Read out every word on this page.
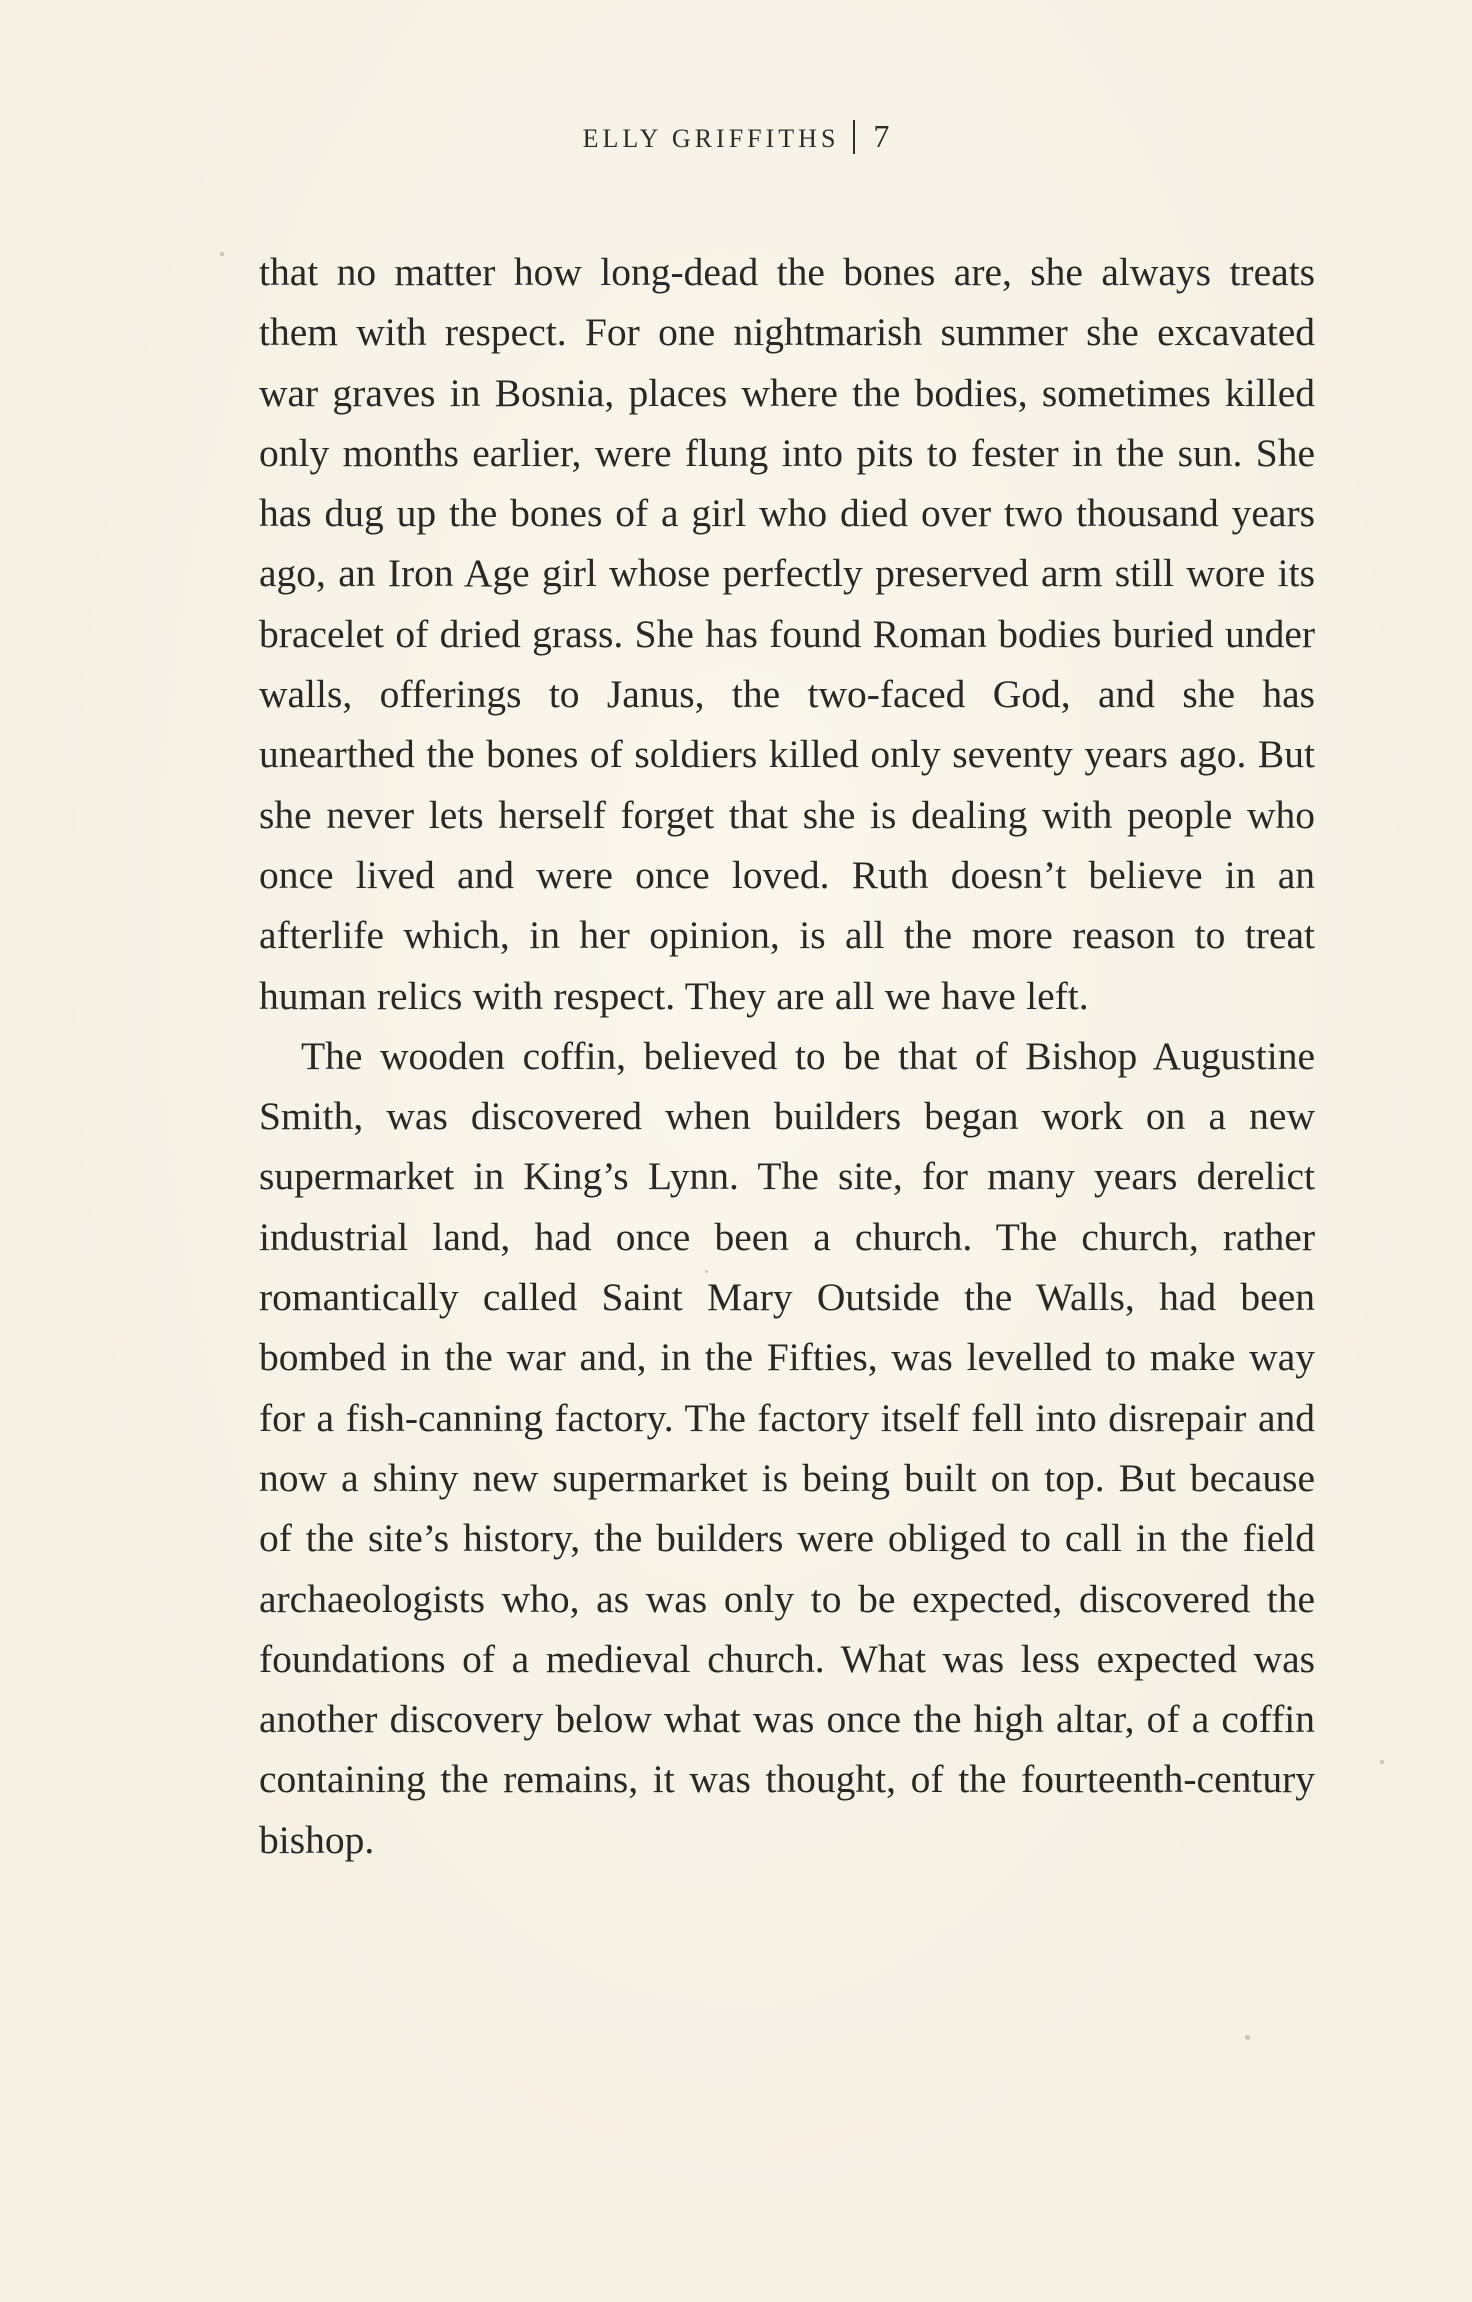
ELLY GRIFFITHS 7

that no matter how long-dead the bones are, she always treats them with respect. For one nightmarish summer she excavated war graves in Bosnia, places where the bodies, sometimes killed only months earlier, were flung into pits to fester in the sun. She has dug up the bones of a girl who died over two thousand years ago, an Iron Age girl whose perfectly preserved arm still wore its bracelet of dried grass. She has found Roman bodies buried under walls, offerings to Janus, the two-faced God, and she has unearthed the bones of soldiers killed only seventy years ago. But she never lets herself forget that she is dealing with people who once lived and were once loved. Ruth doesn’t believe in an afterlife which, in her opinion, is all the more reason to treat human relics with respect. They are all we have left.

The wooden coffin, believed to be that of Bishop Augustine Smith, was discovered when builders began work on a new supermarket in King’s Lynn. The site, for many years derelict industrial land, had once been a church. The church, rather romantically called Saint Mary Outside the Walls, had been bombed in the war and, in the Fifties, was levelled to make way for a fish-canning factory. The factory itself fell into disrepair and now a shiny new supermarket is being built on top. But because of the site’s history, the builders were obliged to call in the field archaeologists who, as was only to be expected, discovered the foundations of a medieval church. What was less expected was another discovery below what was once the high altar, of a coffin containing the remains, it was thought, of the fourteenth-century bishop.
